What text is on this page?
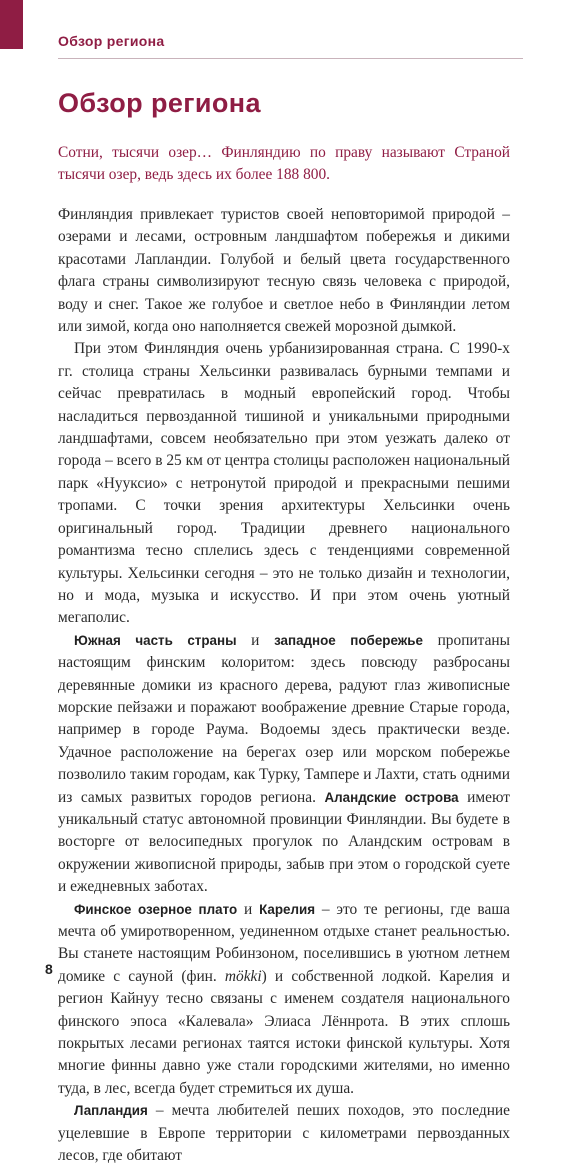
Обзор региона
Обзор региона

Сотни, тысячи озер… Финляндию по праву называют Страной тысячи озер, ведь здесь их более 188 800.

Финляндия привлекает туристов своей неповторимой природой – озерами и лесами, островным ландшафтом побережья и дикими красотами Лапландии. Голубой и белый цвета государственного флага страны символизируют тесную связь человека с природой, воду и снег. Такое же голубое и светлое небо в Финляндии летом или зимой, когда оно наполняется свежей морозной дымкой.

При этом Финляндия очень урбанизированная страна. С 1990-х гг. столица страны Хельсинки развивалась бурными темпами и сейчас превратилась в модный европейский город. Чтобы насладиться первозданной тишиной и уникальными природными ландшафтами, совсем необязательно при этом уезжать далеко от города – всего в 25 км от центра столицы расположен национальный парк «Нууксио» с нетронутой природой и прекрасными пешими тропами. С точки зрения архитектуры Хельсинки очень оригинальный город. Традиции древнего национального романтизма тесно сплелись здесь с тенденциями современной культуры. Хельсинки сегодня – это не только дизайн и технологии, но и мода, музыка и искусство. И при этом очень уютный мегаполис.

Южная часть страны и западное побережье пропитаны настоящим финским колоритом: здесь повсюду разбросаны деревянные домики из красного дерева, радуют глаз живописные морские пейзажи и поражают воображение древние Старые города, например в городе Раума. Водоемы здесь практически везде. Удачное расположение на берегах озер или морском побережье позволило таким городам, как Турку, Тампере и Лахти, стать одними из самых развитых городов региона. Аландские острова имеют уникальный статус автономной провинции Финляндии. Вы будете в восторге от велосипедных прогулок по Аландским островам в окружении живописной природы, забыв при этом о городской суете и ежедневных заботах.

Финское озерное плато и Карелия – это те регионы, где ваша мечта об умиротворенном, уединенном отдыхе станет реальностью. Вы станете настоящим Робинзоном, поселившись в уютном летнем домике с сауной (фин. mökki) и собственной лодкой. Карелия и регион Кайнуу тесно связаны с именем создателя национального финского эпоса «Калевала» Элиаса Лённрота. В этих сплошь покрытых лесами регионах таятся истоки финской культуры. Хотя многие финны давно уже стали городскими жителями, но именно туда, в лес, всегда будет стремиться их душа.

Лапландия – мечта любителей пеших походов, это последние уцелевшие в Европе территории с километрами первозданных лесов, где обитают

8
